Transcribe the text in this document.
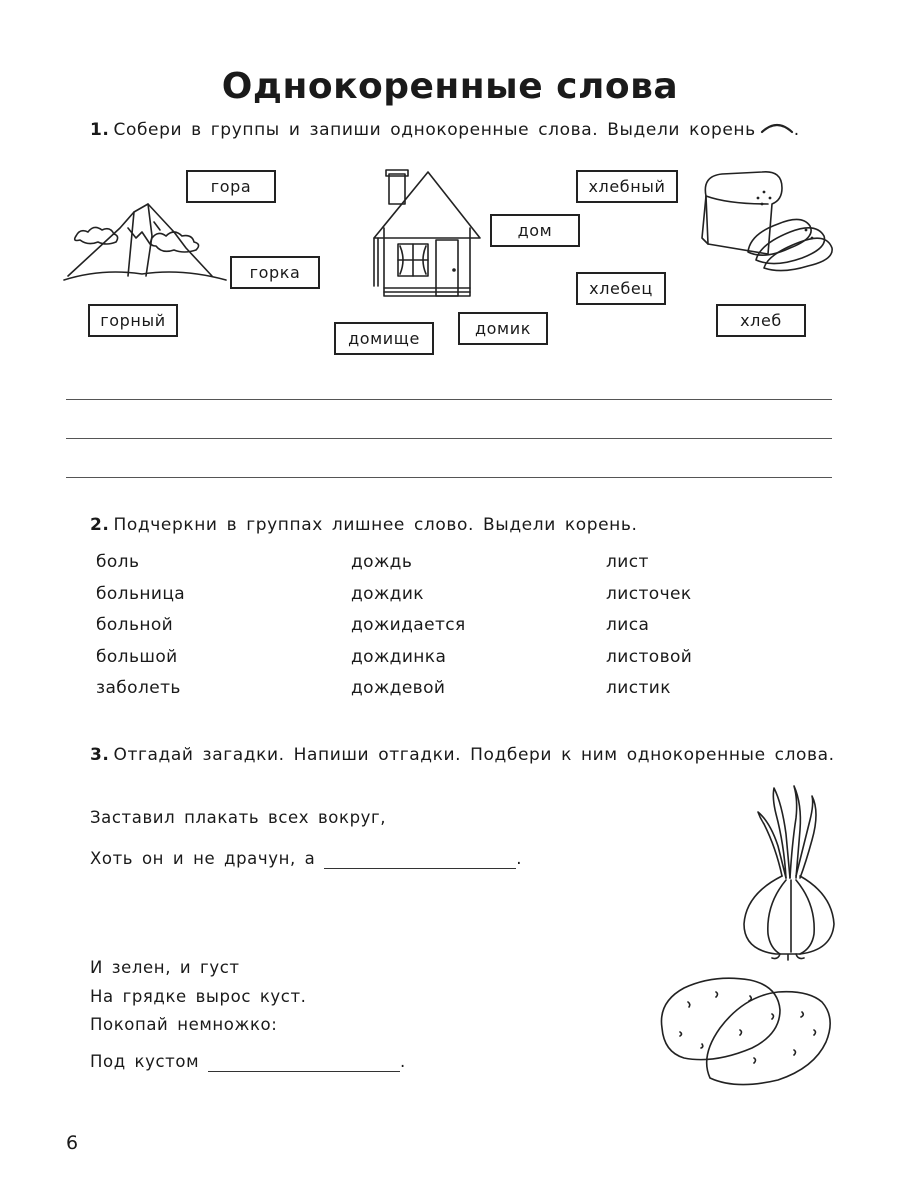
Однокоренные слова
1. Собери в группы и запиши однокоренные слова. Выдели корень .
гора
горка
горный
дом
домище
домик
хлебный
хлебец
хлеб
2. Подчеркни в группах лишнее слово. Выдели корень.
боль
больница
больной
большой
заболеть
дождь
дождик
дожидается
дождинка
дождевой
лист
листочек
лиса
листовой
листик
3. Отгадай загадки. Напиши отгадки. Подбери к ним однокоренные слова.
Заставил плакать всех вокруг,
Хоть он и не драчун, а	.
И зелен, и густ
На грядке вырос куст.
Покопай немножко:
Под кустом	.
6
